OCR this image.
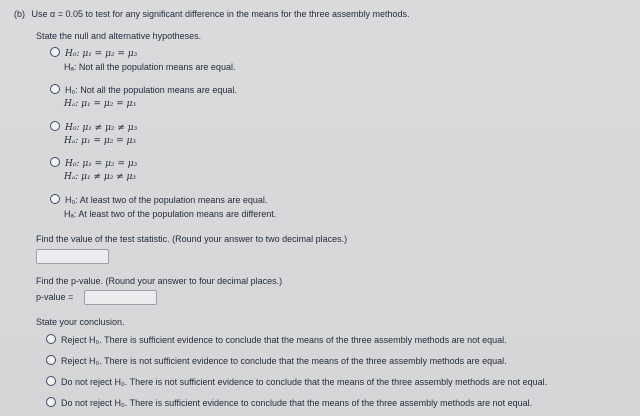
(b) Use α = 0.05 to test for any significant difference in the means for the three assembly methods.
State the null and alternative hypotheses.
H₀: μ₁ = μ₂ = μ₃
Hₐ: Not all the population means are equal.
H₀: Not all the population means are equal.
Hₐ: μ₁ = μ₂ = μ₃
H₀: μ₁ ≠ μ₂ ≠ μ₃
Hₐ: μ₁ = μ₂ = μ₃
H₀: μ₁ = μ₂ = μ₃
Hₐ: μ₁ ≠ μ₂ ≠ μ₃
H₀: At least two of the population means are equal.
Hₐ: At least two of the population means are different.
Find the value of the test statistic. (Round your answer to two decimal places.)
Find the p-value. (Round your answer to four decimal places.)
p-value =
State your conclusion.
Reject H₀. There is sufficient evidence to conclude that the means of the three assembly methods are not equal.
Reject H₀. There is not sufficient evidence to conclude that the means of the three assembly methods are equal.
Do not reject H₀. There is not sufficient evidence to conclude that the means of the three assembly methods are not equal.
Do not reject H₀. There is sufficient evidence to conclude that the means of the three assembly methods are not equal.
